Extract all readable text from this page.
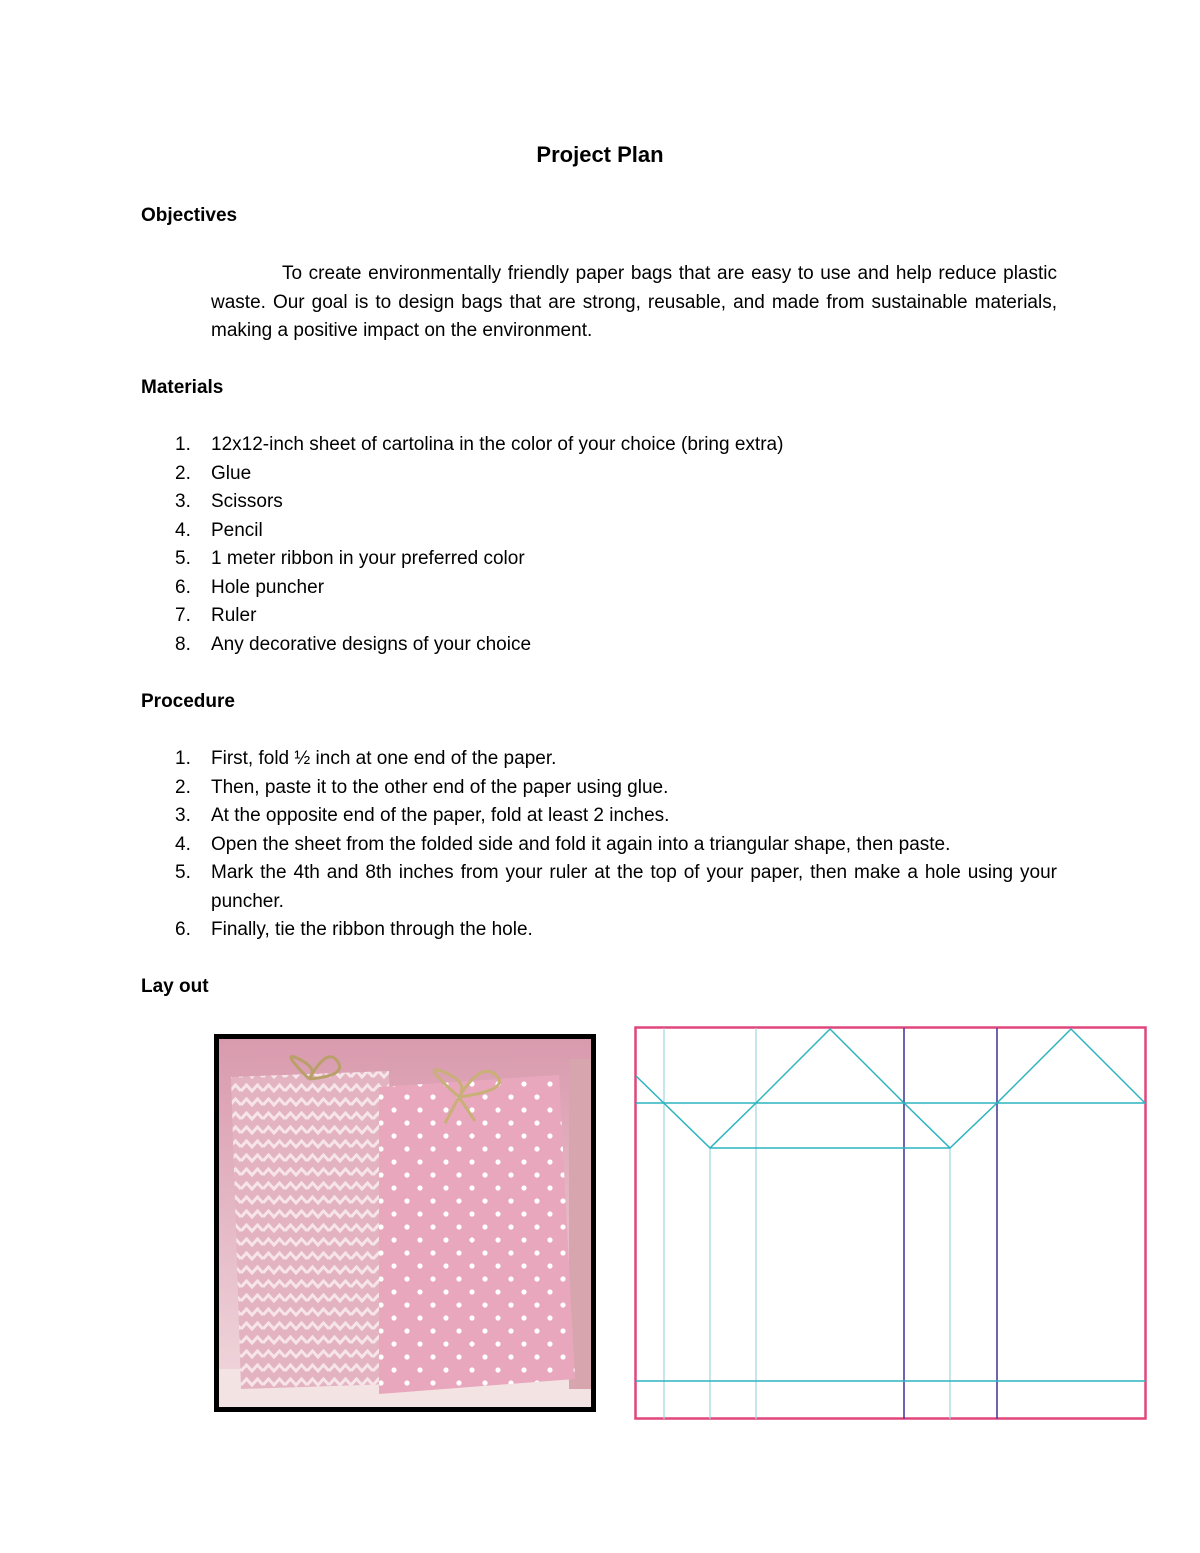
Project Plan
Objectives

To create environmentally friendly paper bags that are easy to use and help reduce plastic waste. Our goal is to design bags that are strong, reusable, and made from sustainable materials, making a positive impact on the environment.

Materials
1. 12x12-inch sheet of cartolina in the color of your choice (bring extra)
2. Glue
3. Scissors
4. Pencil
5. 1 meter ribbon in your preferred color
6. Hole puncher
7. Ruler
8. Any decorative designs of your choice
Procedure
1. First, fold ½ inch at one end of the paper.
2. Then, paste it to the other end of the paper using glue.
3. At the opposite end of the paper, fold at least 2 inches.
4. Open the sheet from the folded side and fold it again into a triangular shape, then paste.
5. Mark the 4th and 8th inches from your ruler at the top of your paper, then make a hole using your puncher.
6. Finally, tie the ribbon through the hole.
Lay out
